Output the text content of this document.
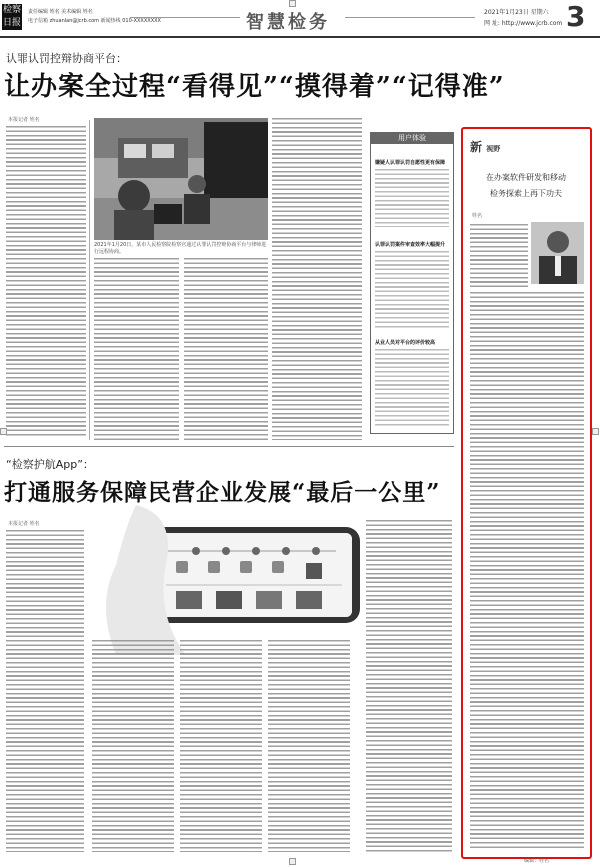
检察日报
责任编辑 姓名 美术编辑 姓名
电子信箱 zhuanlan@jcrb.com 新闻热线 010-XXXXXXXX	智慧检务	2021年1月23日 星期六
网 址: http://www.jcrb.com 3
认罪认罚控辩协商平台：
让办案全过程“看得见”“摸得着”“记得准”
本报记者 姓名
2021年1月20日，某市人民检察院检察官通过认罪认罚控辩协商平台与律师进行远程协商。
用户体验
嫌疑人认罪认罚自愿性更有保障
认罪认罚案件审查效率大幅提升
从业人员对平台的评价较高
“检察护航App”：
打通服务保障民营企业发展“最后一公里”
本报记者 姓名
新 视野
在办案软件研发和移动
检务探索上再下功夫
姓名
编辑：姓名
